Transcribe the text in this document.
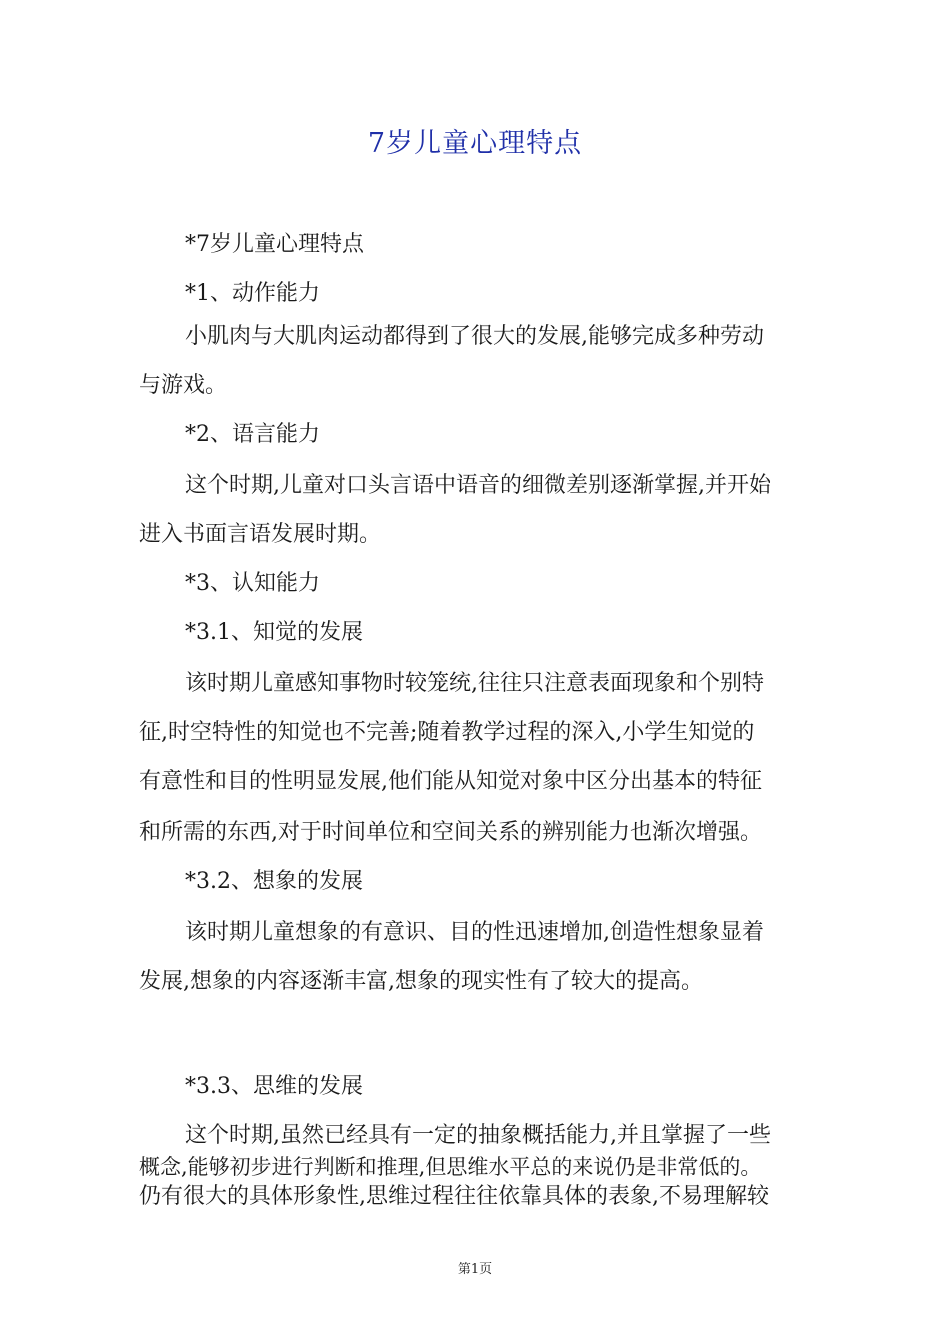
7岁儿童心理特点

*7岁儿童心理特点

*1、动作能力

小肌肉与大肌肉运动都得到了很大的发展,能够完成多种劳动

与游戏。

*2、语言能力

这个时期,儿童对口头言语中语音的细微差别逐渐掌握,并开始

进入书面言语发展时期。

*3、认知能力

*3.1、知觉的发展

该时期儿童感知事物时较笼统,往往只注意表面现象和个别特

征,时空特性的知觉也不完善;随着教学过程的深入,小学生知觉的

有意性和目的性明显发展,他们能从知觉对象中区分出基本的特征

和所需的东西,对于时间单位和空间关系的辨别能力也渐次增强。

*3.2、想象的发展

该时期儿童想象的有意识、目的性迅速增加,创造性想象显着

发展,想象的内容逐渐丰富,想象的现实性有了较大的提高。

*3.3、思维的发展

这个时期,虽然已经具有一定的抽象概括能力,并且掌握了一些

概念,能够初步进行判断和推理,但思维水平总的来说仍是非常低的。

仍有很大的具体形象性,思维过程往往依靠具体的表象,不易理解较

第1页
